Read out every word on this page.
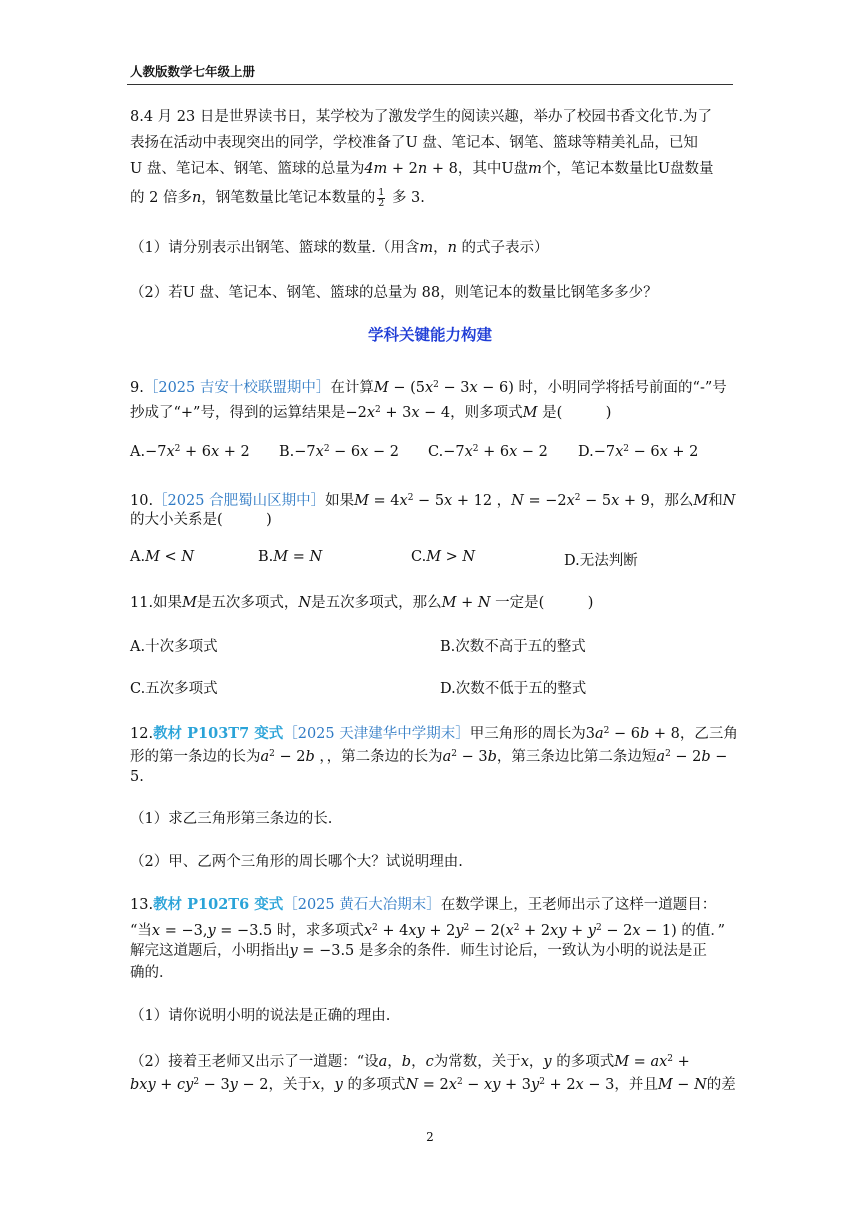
人教版数学七年级上册
8.4 月 23 日是世界读书日，某学校为了激发学生的阅读兴趣，举办了校园书香文化节.为了
表扬在活动中表现突出的同学，学校准备了U 盘、笔记本、钢笔、篮球等精美礼品，已知
U 盘、笔记本、钢笔、篮球的总量为4m + 2n + 8，其中U盘m个，笔记本数量比U盘数量
的 2 倍多n，钢笔数量比笔记本数量的 $\frac{1}{2}$ 多 3.
（1）请分别表示出钢笔、篮球的数量.（用含m，n 的式子表示）
（2）若U 盘、笔记本、钢笔、篮球的总量为 88，则笔记本的数量比钢笔多多少？
学科关键能力构建
9.［2025 吉安十校联盟期中］在计算$M - (5x^2 - 3x - 6)$ 时，小明同学将括号前面的“-”号
抄成了“+”号，得到的运算结果是$-2x^2 + 3x - 4$，则多项式M 是(　　　)
$A.-7x^2 + 6x + 2$ $B.-7x^2 - 6x - 2$ $C.-7x^2 + 6x - 2$ $D.-7x^2 - 6x + 2$
10.［2025 合肥蜀山区期中］如果$M = 4x^2 - 5x + 12$ ，$N = -2x^2 - 5x + 9$，那么M和N
的大小关系是(　　　)
A.M < N	B.M = N	C.M > N	D.无法判断
11.如果M是五次多项式，N是五次多项式，那么M + N 一定是(　　　)
A.十次多项式	B.次数不高于五的整式
C.五次多项式	D.次数不低于五的整式
12.教材 P103T7 变式［2025 天津建华中学期末］甲三角形的周长为$3a^2 - 6b + 8$，乙三角
形的第一条边的长为$a^2 - 2b$ ，，第二条边的长为$a^2 - 3b$，第三条边比第二条边短$a^2 - 2b$ −
5.
（1）求乙三角形第三条边的长.
（2）甲、乙两个三角形的周长哪个大？试说明理由.
13.教材 P102T6 变式［2025 黄石大冶期末］在数学课上，王老师出示了这样一道题目：
“当x = −3,y = −3.5 时，求多项式$x^2 + 4xy + 2y^2 - 2(x^2 + 2xy + y^2 - 2x - 1)$ 的值．”
解完这道题后，小明指出y = −3.5 是多余的条件．师生讨论后，一致认为小明的说法是正
确的．
（1）请你说明小明的说法是正确的理由.
（2）接着王老师又出示了一道题：“设a，b，c为常数，关于x，y 的多项式$M = ax^2$ +
bxy + $cy^2 - 3y - 2$，关于x，y 的多项式$N = 2x^2$ − xy + $3y^2 + 2x - 3$，并且M − N的差
2
